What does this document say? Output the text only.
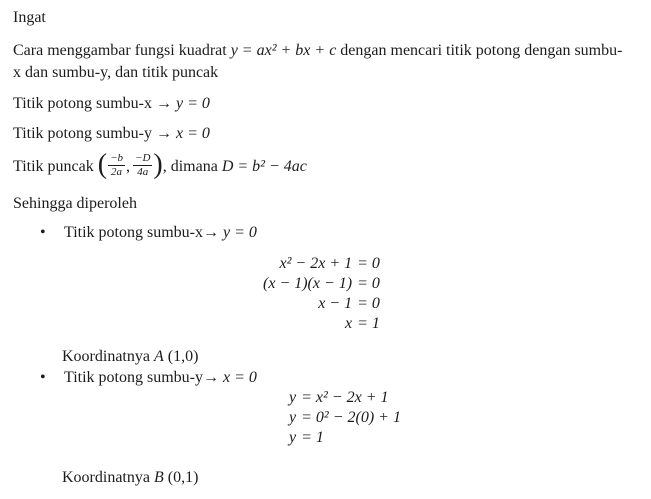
Ingat

Cara menggambar fungsi kuadrat y = ax² + bx + c dengan mencari titik potong dengan sumbu-
x dan sumbu-y, dan titik puncak

Titik potong sumbu-x → y = 0

Titik potong sumbu-y → x = 0

Titik puncak ( $\frac{-b}{2a}$ , $\frac{-D}{4a}$ ), dimana D = b² − 4ac

Sehingga diperoleh

• Titik potong sumbu-x→ y = 0
x² − 2x + 1 = 0
(x − 1)(x − 1) = 0
x − 1 = 0
x = 1

Koordinatnya A (1,0)

• Titik potong sumbu-y→ x = 0
y = x² − 2x + 1
y = 0² − 2(0) + 1
y = 1

Koordinatnya B (0,1)
